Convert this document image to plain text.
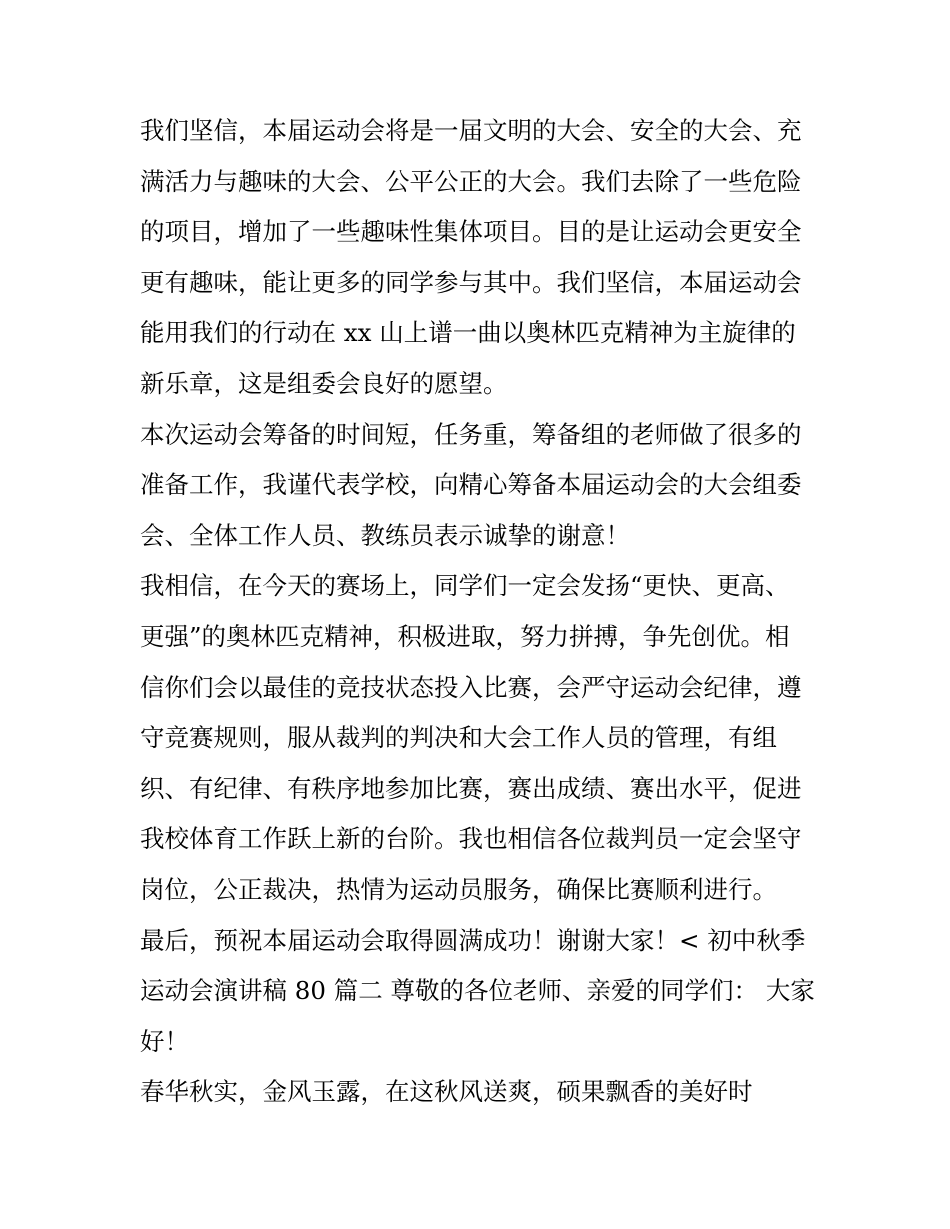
我们坚信，本届运动会将是一届文明的大会、安全的大会、充
满活力与趣味的大会、公平公正的大会。我们去除了一些危险
的项目，增加了一些趣味性集体项目。目的是让运动会更安全
更有趣味，能让更多的同学参与其中。我们坚信，本届运动会
能用我们的行动在 xx 山上谱一曲以奥林匹克精神为主旋律的
新乐章，这是组委会良好的愿望。
本次运动会筹备的时间短，任务重，筹备组的老师做了很多的
准备工作，我谨代表学校，向精心筹备本届运动会的大会组委
会、全体工作人员、教练员表示诚挚的谢意！
我相信，在今天的赛场上，同学们一定会发扬“更快、更高、
更强”的奥林匹克精神，积极进取，努力拼搏，争先创优。相
信你们会以最佳的竞技状态投入比赛，会严守运动会纪律，遵
守竞赛规则，服从裁判的判决和大会工作人员的管理，有组
织、有纪律、有秩序地参加比赛，赛出成绩、赛出水平，促进
我校体育工作跃上新的台阶。我也相信各位裁判员一定会坚守
岗位，公正裁决，热情为运动员服务，确保比赛顺利进行。
最后，预祝本届运动会取得圆满成功！谢谢大家！< 初中秋季
运动会演讲稿 80 篇二 尊敬的各位老师、亲爱的同学们： 大家
好！
春华秋实，金风玉露，在这秋风送爽，硕果飘香的美好时
